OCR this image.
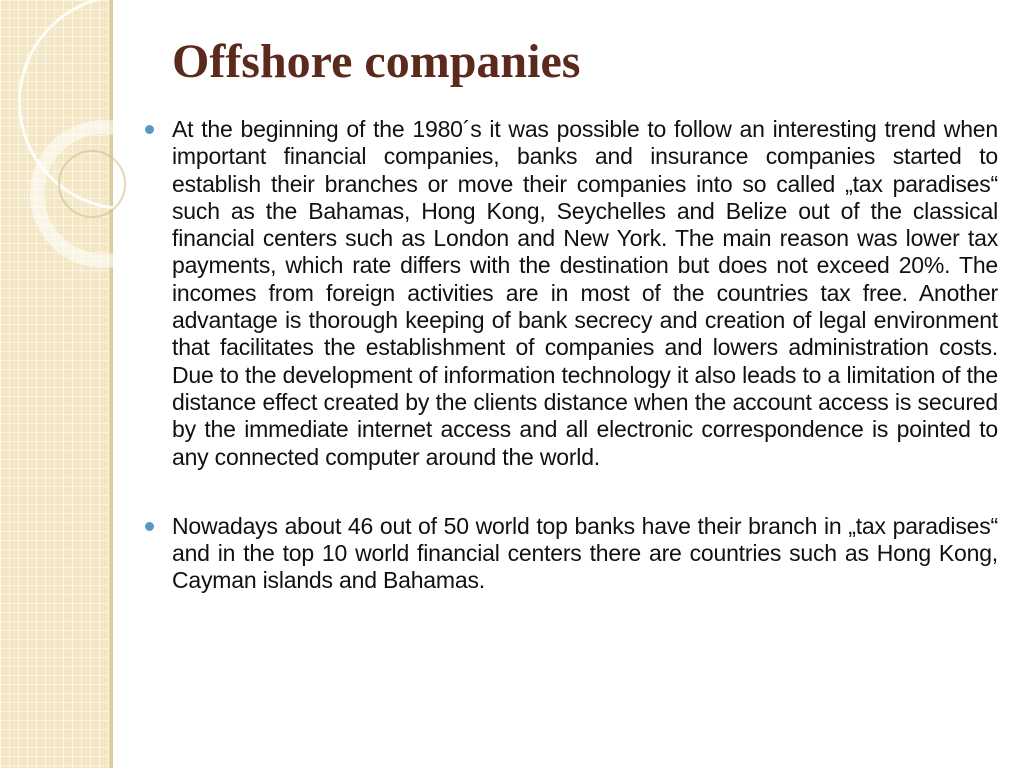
Offshore companies
At the beginning of the 1980´s it was possible to follow an interesting trend when important financial companies, banks and insurance companies started to establish their branches or move their companies into so called „tax paradises“ such as the Bahamas, Hong Kong, Seychelles and Belize out of the classical financial centers such as London and New York. The main reason was lower tax payments, which rate differs with the destination but does not exceed 20%. The incomes from foreign activities are in most of the countries tax free. Another advantage is thorough keeping of bank secrecy and creation of legal environment that facilitates the establishment of companies and lowers administration costs. Due to the development of information technology it also leads to a limitation of the distance effect created by the clients distance when the account access is secured by the immediate internet access and all electronic correspondence is pointed to any connected computer around the world.
Nowadays about 46 out of 50 world top banks have their branch in „tax paradises“ and in the top 10 world financial centers there are countries such as Hong Kong, Cayman islands and Bahamas.
